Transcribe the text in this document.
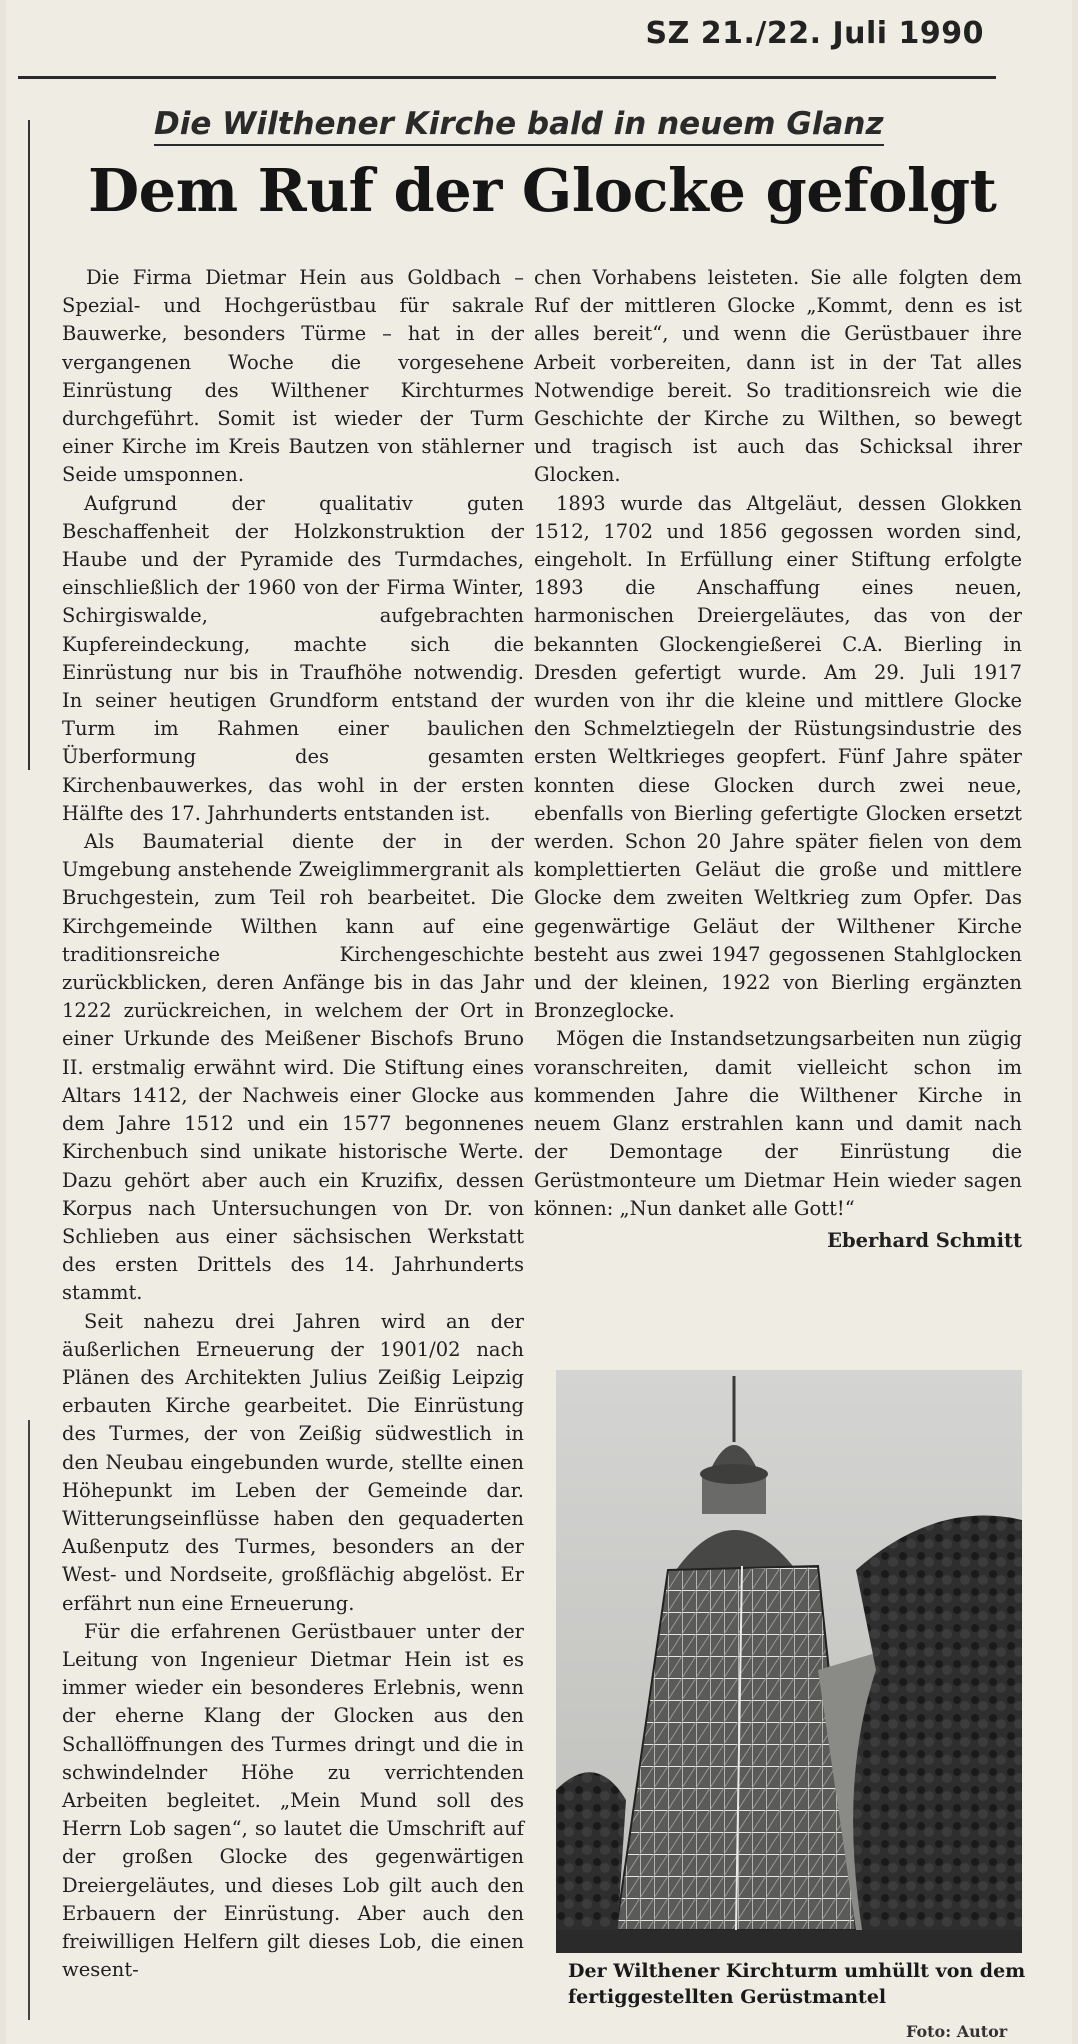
SZ 21./22. Juli 1990
Die Wilthener Kirche bald in neuem Glanz
Dem Ruf der Glocke gefolgt

Die Firma Dietmar Hein aus Goldbach – Spezial- und Hochgerüstbau für sakrale Bauwerke, besonders Türme – hat in der vergangenen Woche die vorgesehene Einrüstung des Wilthener Kirchturmes durchgeführt. Somit ist wieder der Turm einer Kirche im Kreis Bautzen von stählerner Seide umsponnen.

Aufgrund der qualitativ guten Beschaffenheit der Holzkonstruktion der Haube und der Pyramide des Turmdaches, einschließlich der 1960 von der Firma Winter, Schirgiswalde, aufgebrachten Kupfereindeckung, machte sich die Einrüstung nur bis in Traufhöhe notwendig. In seiner heutigen Grundform entstand der Turm im Rahmen einer baulichen Überformung des gesamten Kirchenbauwerkes, das wohl in der ersten Hälfte des 17. Jahrhunderts entstanden ist.

Als Baumaterial diente der in der Umgebung anstehende Zweiglimmergranit als Bruchgestein, zum Teil roh bearbeitet. Die Kirchgemeinde Wilthen kann auf eine traditionsreiche Kirchengeschichte zurückblicken, deren Anfänge bis in das Jahr 1222 zurückreichen, in welchem der Ort in einer Urkunde des Meißener Bischofs Bruno II. erstmalig erwähnt wird. Die Stiftung eines Altars 1412, der Nachweis einer Glocke aus dem Jahre 1512 und ein 1577 begonnenes Kirchenbuch sind unikate historische Werte. Dazu gehört aber auch ein Kruzifix, dessen Korpus nach Untersuchungen von Dr. von Schlieben aus einer sächsischen Werkstatt des ersten Drittels des 14. Jahrhunderts stammt.

Seit nahezu drei Jahren wird an der äußerlichen Erneuerung der 1901/02 nach Plänen des Architekten Julius Zeißig Leipzig erbauten Kirche gearbeitet. Die Einrüstung des Turmes, der von Zeißig südwestlich in den Neubau eingebunden wurde, stellte einen Höhepunkt im Leben der Gemeinde dar. Witterungseinflüsse haben den gequaderten Außenputz des Turmes, besonders an der West- und Nordseite, großflächig abgelöst. Er erfährt nun eine Erneuerung.

Für die erfahrenen Gerüstbauer unter der Leitung von Ingenieur Dietmar Hein ist es immer wieder ein besonderes Erlebnis, wenn der eherne Klang der Glocken aus den Schallöffnungen des Turmes dringt und die in schwindelnder Höhe zu verrichtenden Arbeiten begleitet. „Mein Mund soll des Herrn Lob sagen“, so lautet die Umschrift auf der großen Glocke des gegenwärtigen Dreiergeläutes, und dieses Lob gilt auch den Erbauern der Einrüstung. Aber auch den freiwilligen Helfern gilt dieses Lob, die einen wesent-

chen Vorhabens leisteten. Sie alle folgten dem Ruf der mittleren Glocke „Kommt, denn es ist alles bereit“, und wenn die Gerüstbauer ihre Arbeit vorbereiten, dann ist in der Tat alles Notwendige bereit. So traditionsreich wie die Geschichte der Kirche zu Wilthen, so bewegt und tragisch ist auch das Schicksal ihrer Glocken.

1893 wurde das Altgeläut, dessen Glokken 1512, 1702 und 1856 gegossen worden sind, eingeholt. In Erfüllung einer Stiftung erfolgte 1893 die Anschaffung eines neuen, harmonischen Dreiergeläutes, das von der bekannten Glockengießerei C.A. Bierling in Dresden gefertigt wurde. Am 29. Juli 1917 wurden von ihr die kleine und mittlere Glocke den Schmelztiegeln der Rüstungsindustrie des ersten Weltkrieges geopfert. Fünf Jahre später konnten diese Glocken durch zwei neue, ebenfalls von Bierling gefertigte Glocken ersetzt werden. Schon 20 Jahre später fielen von dem komplettierten Geläut die große und mittlere Glocke dem zweiten Weltkrieg zum Opfer. Das gegenwärtige Geläut der Wilthener Kirche besteht aus zwei 1947 gegossenen Stahlglocken und der kleinen, 1922 von Bierling ergänzten Bronzeglocke.

Mögen die Instandsetzungsarbeiten nun zügig voranschreiten, damit vielleicht schon im kommenden Jahre die Wilthener Kirche in neuem Glanz erstrahlen kann und damit nach der Demontage der Einrüstung die Gerüstmonteure um Dietmar Hein wieder sagen können: „Nun danket alle Gott!“

Eberhard Schmitt
Der Wilthener Kirchturm umhüllt von dem fertiggestellten Gerüstmantel
Foto: Autor
